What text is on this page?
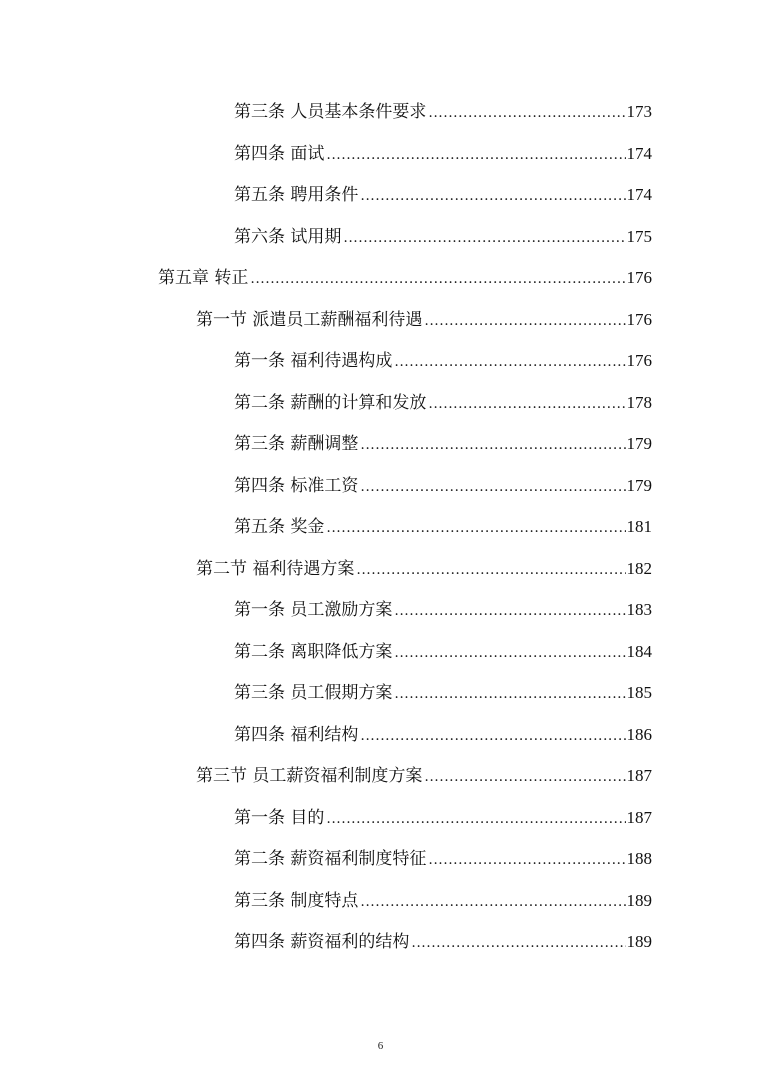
第三条 人员基本条件要求 .....	173
第四条 面试 .....	174
第五条 聘用条件 .....	174
第六条 试用期 .....	175
第五章 转正 .....	176
第一节 派遣员工薪酬福利待遇 .....	176
第一条 福利待遇构成 .....	176
第二条 薪酬的计算和发放 .....	178
第三条 薪酬调整 .....	179
第四条 标准工资 .....	179
第五条 奖金 .....	181
第二节 福利待遇方案 .....	182
第一条 员工激励方案 .....	183
第二条 离职降低方案 .....	184
第三条 员工假期方案 .....	185
第四条 福利结构 .....	186
第三节 员工薪资福利制度方案 .....	187
第一条 目的 .....	187
第二条 薪资福利制度特征 .....	188
第三条 制度特点 .....	189
第四条 薪资福利的结构 .....	189
6
